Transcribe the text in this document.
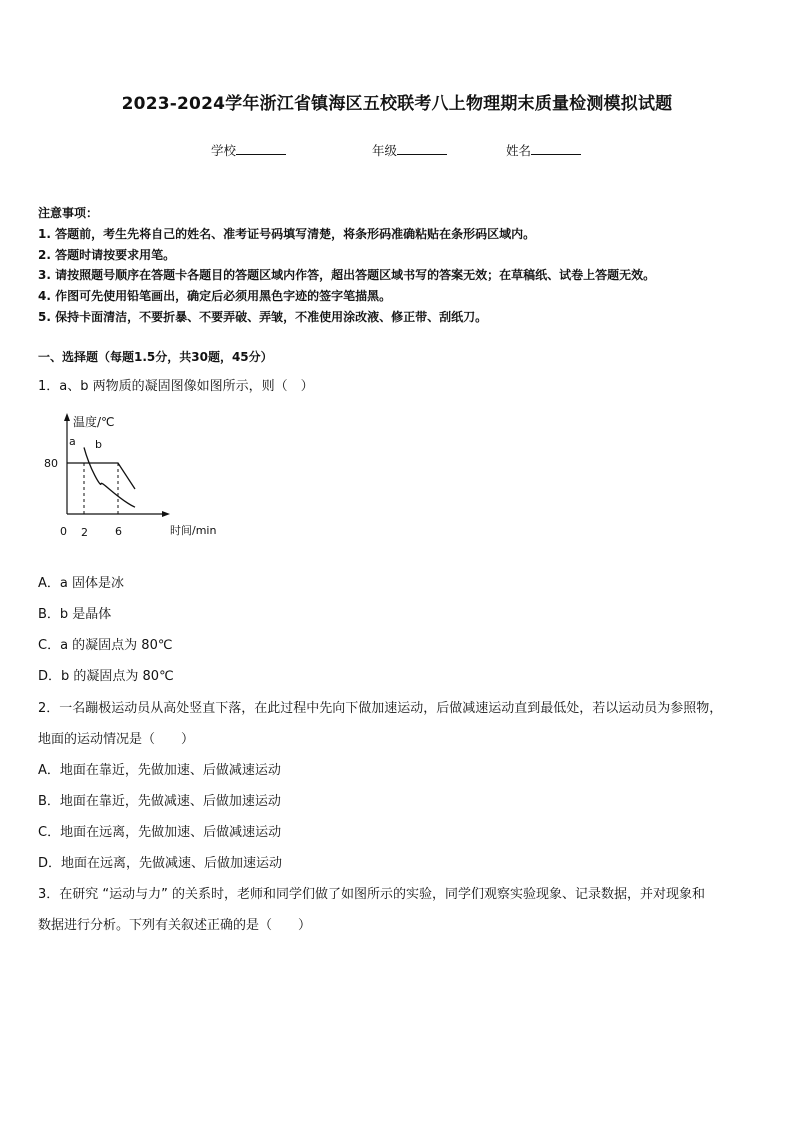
2023-2024学年浙江省镇海区五校联考八上物理期末质量检测模拟试题
学校	年级	姓名
注意事项：
1. 答题前，考生先将自己的姓名、准考证号码填写清楚，将条形码准确粘贴在条形码区域内。
2. 答题时请按要求用笔。
3. 请按照题号顺序在答题卡各题目的答题区域内作答，超出答题区域书写的答案无效；在草稿纸、试卷上答题无效。
4. 作图可先使用铅笔画出，确定后必须用黑色字迹的签字笔描黑。
5. 保持卡面清洁，不要折暴、不要弄破、弄皱，不准使用涂改液、修正带、刮纸刀。
一、选择题（每题1.5分，共30题，45分）
1．a、b 两物质的凝固图像如图所示，则（　）
温度/℃
时间/min
80
0 2 6
a b
A．a 固体是冰
B．b 是晶体
C．a 的凝固点为 80℃
D．b 的凝固点为 80℃
2．一名蹦极运动员从高处竖直下落，在此过程中先向下做加速运动，后做减速运动直到最低处，若以运动员为参照物，
地面的运动情况是（　　）
A．地面在靠近，先做加速、后做减速运动
B．地面在靠近，先做减速、后做加速运动
C．地面在远离，先做加速、后做减速运动
D．地面在远离，先做减速、后做加速运动
3．在研究 “运动与力” 的关系时，老师和同学们做了如图所示的实验，同学们观察实验现象、记录数据，并对现象和
数据进行分析。下列有关叙述正确的是（　　）
